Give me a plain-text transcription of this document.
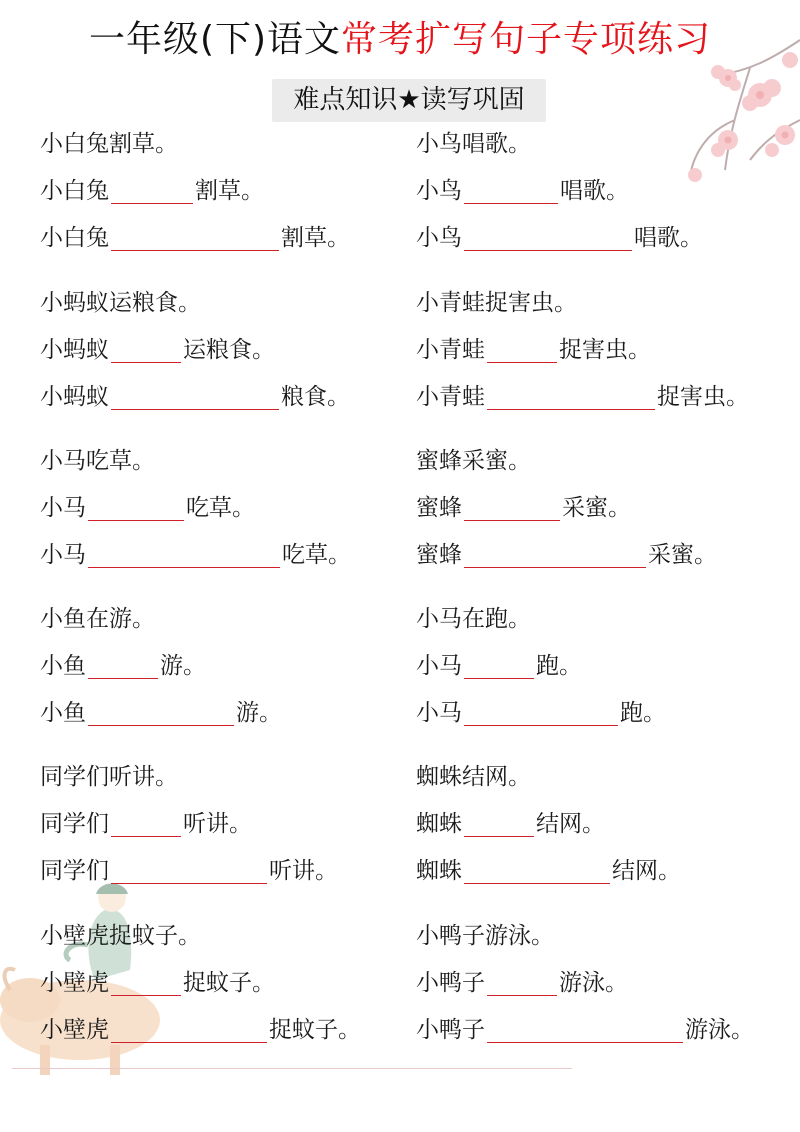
一年级(下)语文常考扩写句子专项练习
难点知识★读写巩固
小白兔割草。
小白兔	割草。
小白兔	割草。
小鸟唱歌。
小鸟	唱歌。
小鸟	唱歌。
小蚂蚁运粮食。
小蚂蚁	运粮食。
小蚂蚁	粮食。
小青蛙捉害虫。
小青蛙	捉害虫。
小青蛙	捉害虫。
小马吃草。
小马	吃草。
小马	吃草。
蜜蜂采蜜。
蜜蜂	采蜜。
蜜蜂	采蜜。
小鱼在游。
小鱼	游。
小鱼	游。
小马在跑。
小马	跑。
小马	跑。
同学们听讲。
同学们	听讲。
同学们	听讲。
蜘蛛结网。
蜘蛛	结网。
蜘蛛	结网。
小壁虎捉蚊子。
小壁虎	捉蚊子。
小壁虎	捉蚊子。
小鸭子游泳。
小鸭子	游泳。
小鸭子	游泳。
